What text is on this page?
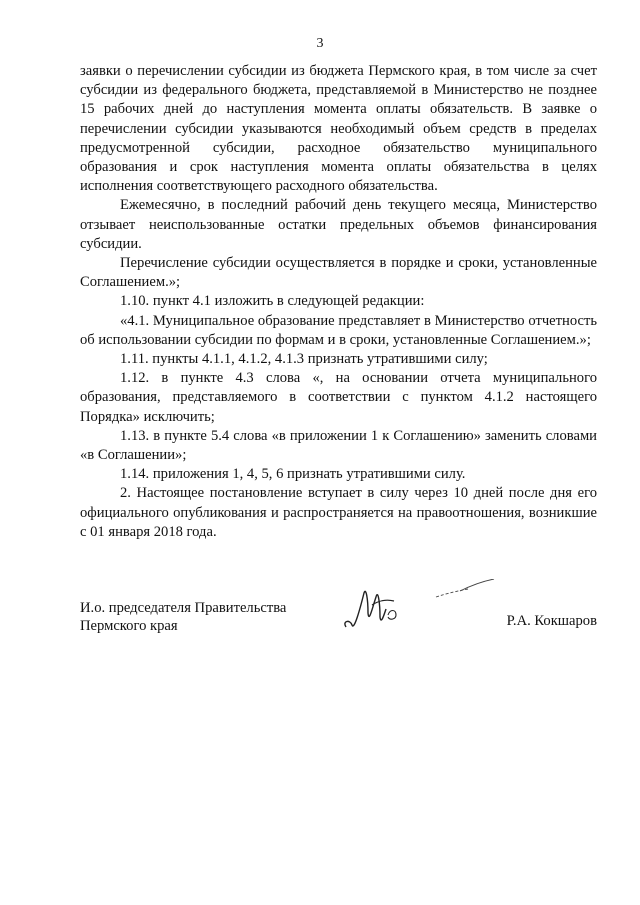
3

заявки о перечислении субсидии из бюджета Пермского края, в том числе за счет субсидии из федерального бюджета, представляемой в Министерство не позднее 15 рабочих дней до наступления момента оплаты обязательств. В заявке о перечислении субсидии указываются необходимый объем средств в пределах предусмотренной субсидии, расходное обязательство муниципального образования и срок наступления момента оплаты обязательства в целях исполнения соответствующего расходного обязательства.

Ежемесячно, в последний рабочий день текущего месяца, Министерство отзывает неиспользованные остатки предельных объемов финансирования субсидии.

Перечисление субсидии осуществляется в порядке и сроки, установленные Соглашением.»;

1.10. пункт 4.1 изложить в следующей редакции:

«4.1. Муниципальное образование представляет в Министерство отчетность об использовании субсидии по формам и в сроки, установленные Соглашением.»;

1.11. пункты 4.1.1, 4.1.2, 4.1.3 признать утратившими силу;

1.12. в пункте 4.3 слова «, на основании отчета муниципального образования, представляемого в соответствии с пунктом 4.1.2 настоящего Порядка» исключить;

1.13. в пункте 5.4 слова «в приложении 1 к Соглашению» заменить словами «в Соглашении»;

1.14. приложения 1, 4, 5, 6 признать утратившими силу.

2. Настоящее постановление вступает в силу через 10 дней после дня его официального опубликования и распространяется на правоотношения, возникшие с 01 января 2018 года.

И.о. председателя Правительства
Пермского края	Р.А. Кокшаров
